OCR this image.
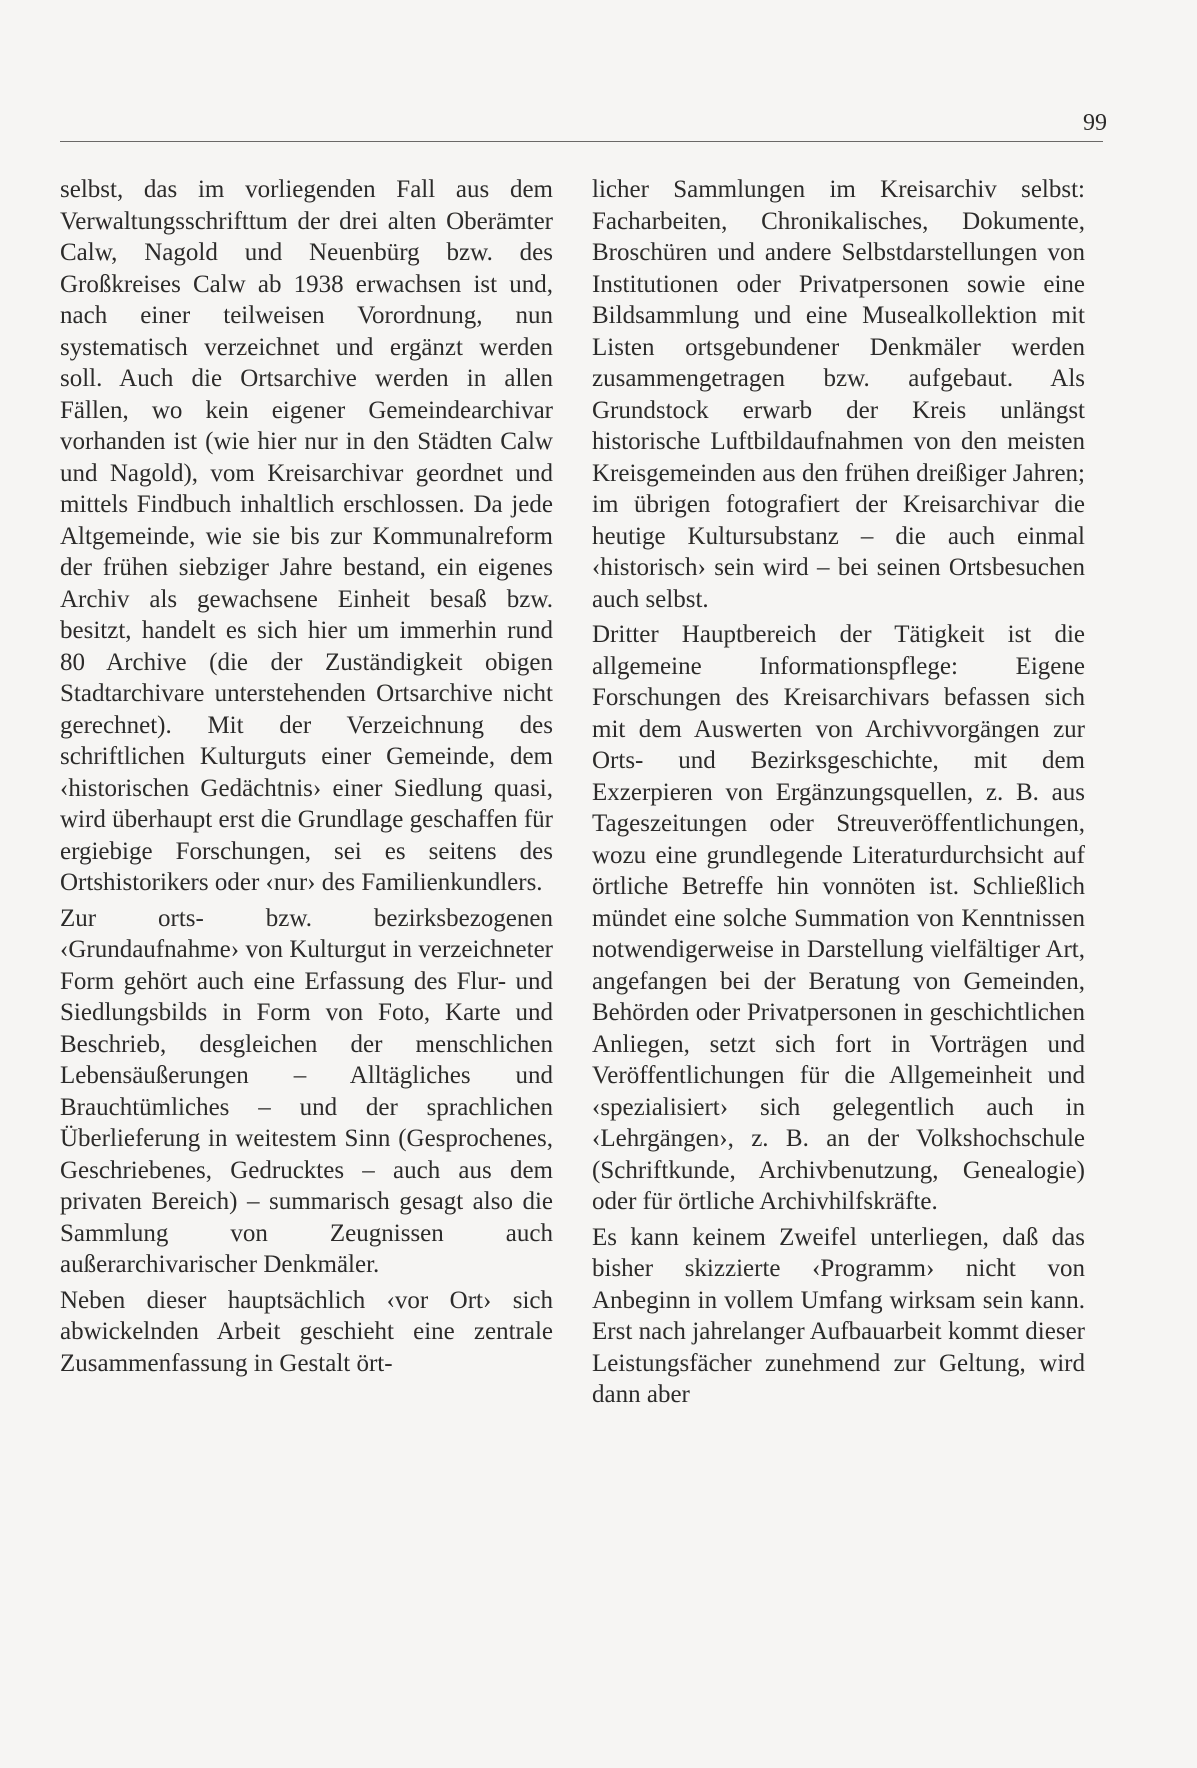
99

selbst, das im vorliegenden Fall aus dem Verwaltungsschrifttum der drei alten Oberämter Calw, Nagold und Neuenbürg bzw. des Großkreises Calw ab 1938 erwachsen ist und, nach einer teilweisen Vorordnung, nun systematisch verzeichnet und ergänzt werden soll. Auch die Ortsarchive werden in allen Fällen, wo kein eigener Gemeindearchivar vorhanden ist (wie hier nur in den Städten Calw und Nagold), vom Kreisarchivar geordnet und mittels Findbuch inhaltlich erschlossen. Da jede Altgemeinde, wie sie bis zur Kommunalreform der frühen siebziger Jahre bestand, ein eigenes Archiv als gewachsene Einheit besaß bzw. besitzt, handelt es sich hier um immerhin rund 80 Archive (die der Zuständigkeit obigen Stadtarchivare unterstehenden Ortsarchive nicht gerechnet). Mit der Verzeichnung des schriftlichen Kulturguts einer Gemeinde, dem ‹historischen Gedächtnis› einer Siedlung quasi, wird überhaupt erst die Grundlage geschaffen für ergiebige Forschungen, sei es seitens des Ortshistorikers oder ‹nur› des Familienkundlers.

Zur orts- bzw. bezirksbezogenen ‹Grundaufnahme› von Kulturgut in verzeichneter Form gehört auch eine Erfassung des Flur- und Siedlungsbilds in Form von Foto, Karte und Beschrieb, desgleichen der menschlichen Lebensäußerungen – Alltägliches und Brauchtümliches – und der sprachlichen Überlieferung in weitestem Sinn (Gesprochenes, Geschriebenes, Gedrucktes – auch aus dem privaten Bereich) – summarisch gesagt also die Sammlung von Zeugnissen auch außerarchivarischer Denkmäler.

Neben dieser hauptsächlich ‹vor Ort› sich abwickelnden Arbeit geschieht eine zentrale Zusammenfassung in Gestalt ört-

licher Sammlungen im Kreisarchiv selbst: Facharbeiten, Chronikalisches, Dokumente, Broschüren und andere Selbstdarstellungen von Institutionen oder Privatpersonen sowie eine Bildsammlung und eine Musealkollektion mit Listen ortsgebundener Denkmäler werden zusammengetragen bzw. aufgebaut. Als Grundstock erwarb der Kreis unlängst historische Luftbildaufnahmen von den meisten Kreisgemeinden aus den frühen dreißiger Jahren; im übrigen fotografiert der Kreisarchivar die heutige Kultursubstanz – die auch einmal ‹historisch› sein wird – bei seinen Ortsbesuchen auch selbst.

Dritter Hauptbereich der Tätigkeit ist die allgemeine Informationspflege: Eigene Forschungen des Kreisarchivars befassen sich mit dem Auswerten von Archivvorgängen zur Orts- und Bezirksgeschichte, mit dem Exzerpieren von Ergänzungsquellen, z. B. aus Tageszeitungen oder Streuveröffentlichungen, wozu eine grundlegende Literaturdurchsicht auf örtliche Betreffe hin vonnöten ist. Schließlich mündet eine solche Summation von Kenntnissen notwendigerweise in Darstellung vielfältiger Art, angefangen bei der Beratung von Gemeinden, Behörden oder Privatpersonen in geschichtlichen Anliegen, setzt sich fort in Vorträgen und Veröffentlichungen für die Allgemeinheit und ‹spezialisiert› sich gelegentlich auch in ‹Lehrgängen›, z. B. an der Volkshochschule (Schriftkunde, Archivbenutzung, Genealogie) oder für örtliche Archivhilfskräfte.

Es kann keinem Zweifel unterliegen, daß das bisher skizzierte ‹Programm› nicht von Anbeginn in vollem Umfang wirksam sein kann. Erst nach jahrelanger Aufbauarbeit kommt dieser Leistungsfächer zunehmend zur Geltung, wird dann aber
